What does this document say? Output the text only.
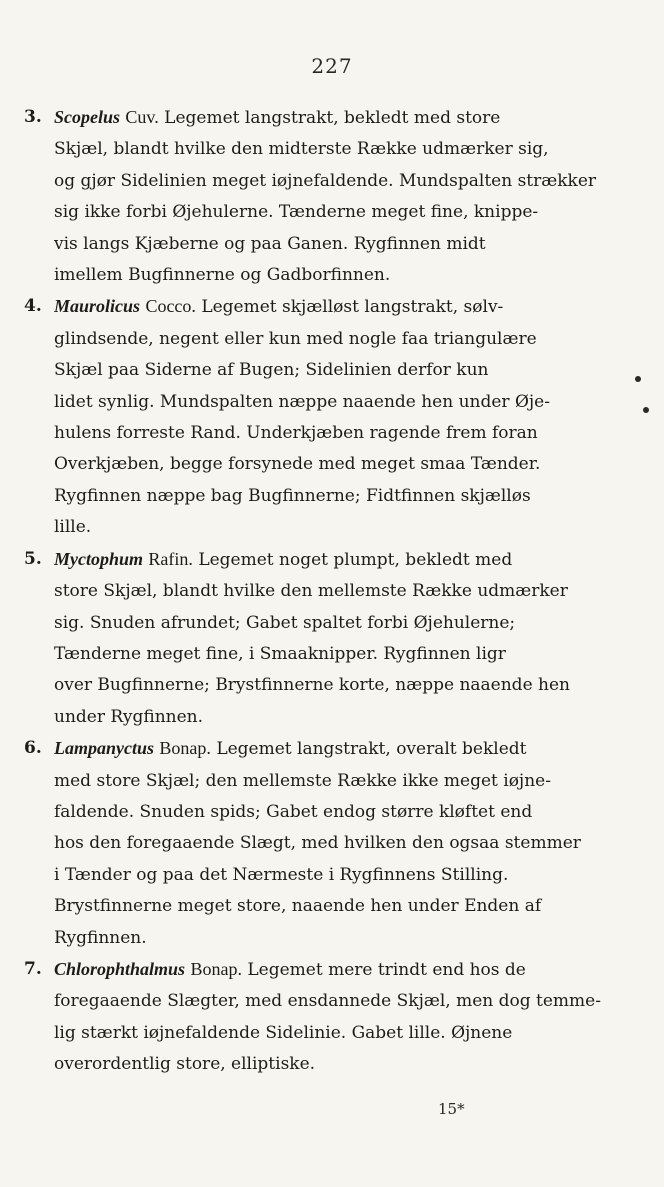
227
3. Scopelus Cuv. Legemet langstrakt, bekledt med store
Skjæl, blandt hvilke den midterste Række udmærker sig,
og gjør Sidelinien meget iøjnefaldende. Mundspalten strækker
sig ikke forbi Øjehulerne. Tænderne meget fine, knippe-
vis langs Kjæberne og paa Ganen. Rygfinnen midt
imellem Bugfinnerne og Gadborfinnen.
4. Maurolicus Cocco. Legemet skjælløst langstrakt, sølv-
glindsende, negent eller kun med nogle faa triangulære
Skjæl paa Siderne af Bugen; Sidelinien derfor kun
lidet synlig. Mundspalten næppe naaende hen under Øje-
hulens forreste Rand. Underkjæben ragende frem foran
Overkjæben, begge forsynede med meget smaa Tænder.
Rygfinnen næppe bag Bugfinnerne; Fidtfinnen skjælløs
lille.
5. Myctophum Rafin. Legemet noget plumpt, bekledt med
store Skjæl, blandt hvilke den mellemste Række udmærker
sig. Snuden afrundet; Gabet spaltet forbi Øjehulerne;
Tænderne meget fine, i Smaaknipper. Rygfinnen ligr
over Bugfinnerne; Brystfinnerne korte, næppe naaende hen
under Rygfinnen.
6. Lampanyctus Bonap. Legemet langstrakt, overalt bekledt
med store Skjæl; den mellemste Række ikke meget iøjne-
faldende. Snuden spids; Gabet endog større kløftet end
hos den foregaaende Slægt, med hvilken den ogsaa stemmer
i Tænder og paa det Nærmeste i Rygfinnens Stilling.
Brystfinnerne meget store, naaende hen under Enden af
Rygfinnen.
7. Chlorophthalmus Bonap. Legemet mere trindt end hos de
foregaaende Slægter, med ensdannede Skjæl, men dog temme-
lig stærkt iøjnefaldende Sidelinie. Gabet lille. Øjnene
overordentlig store, elliptiske.
15*
